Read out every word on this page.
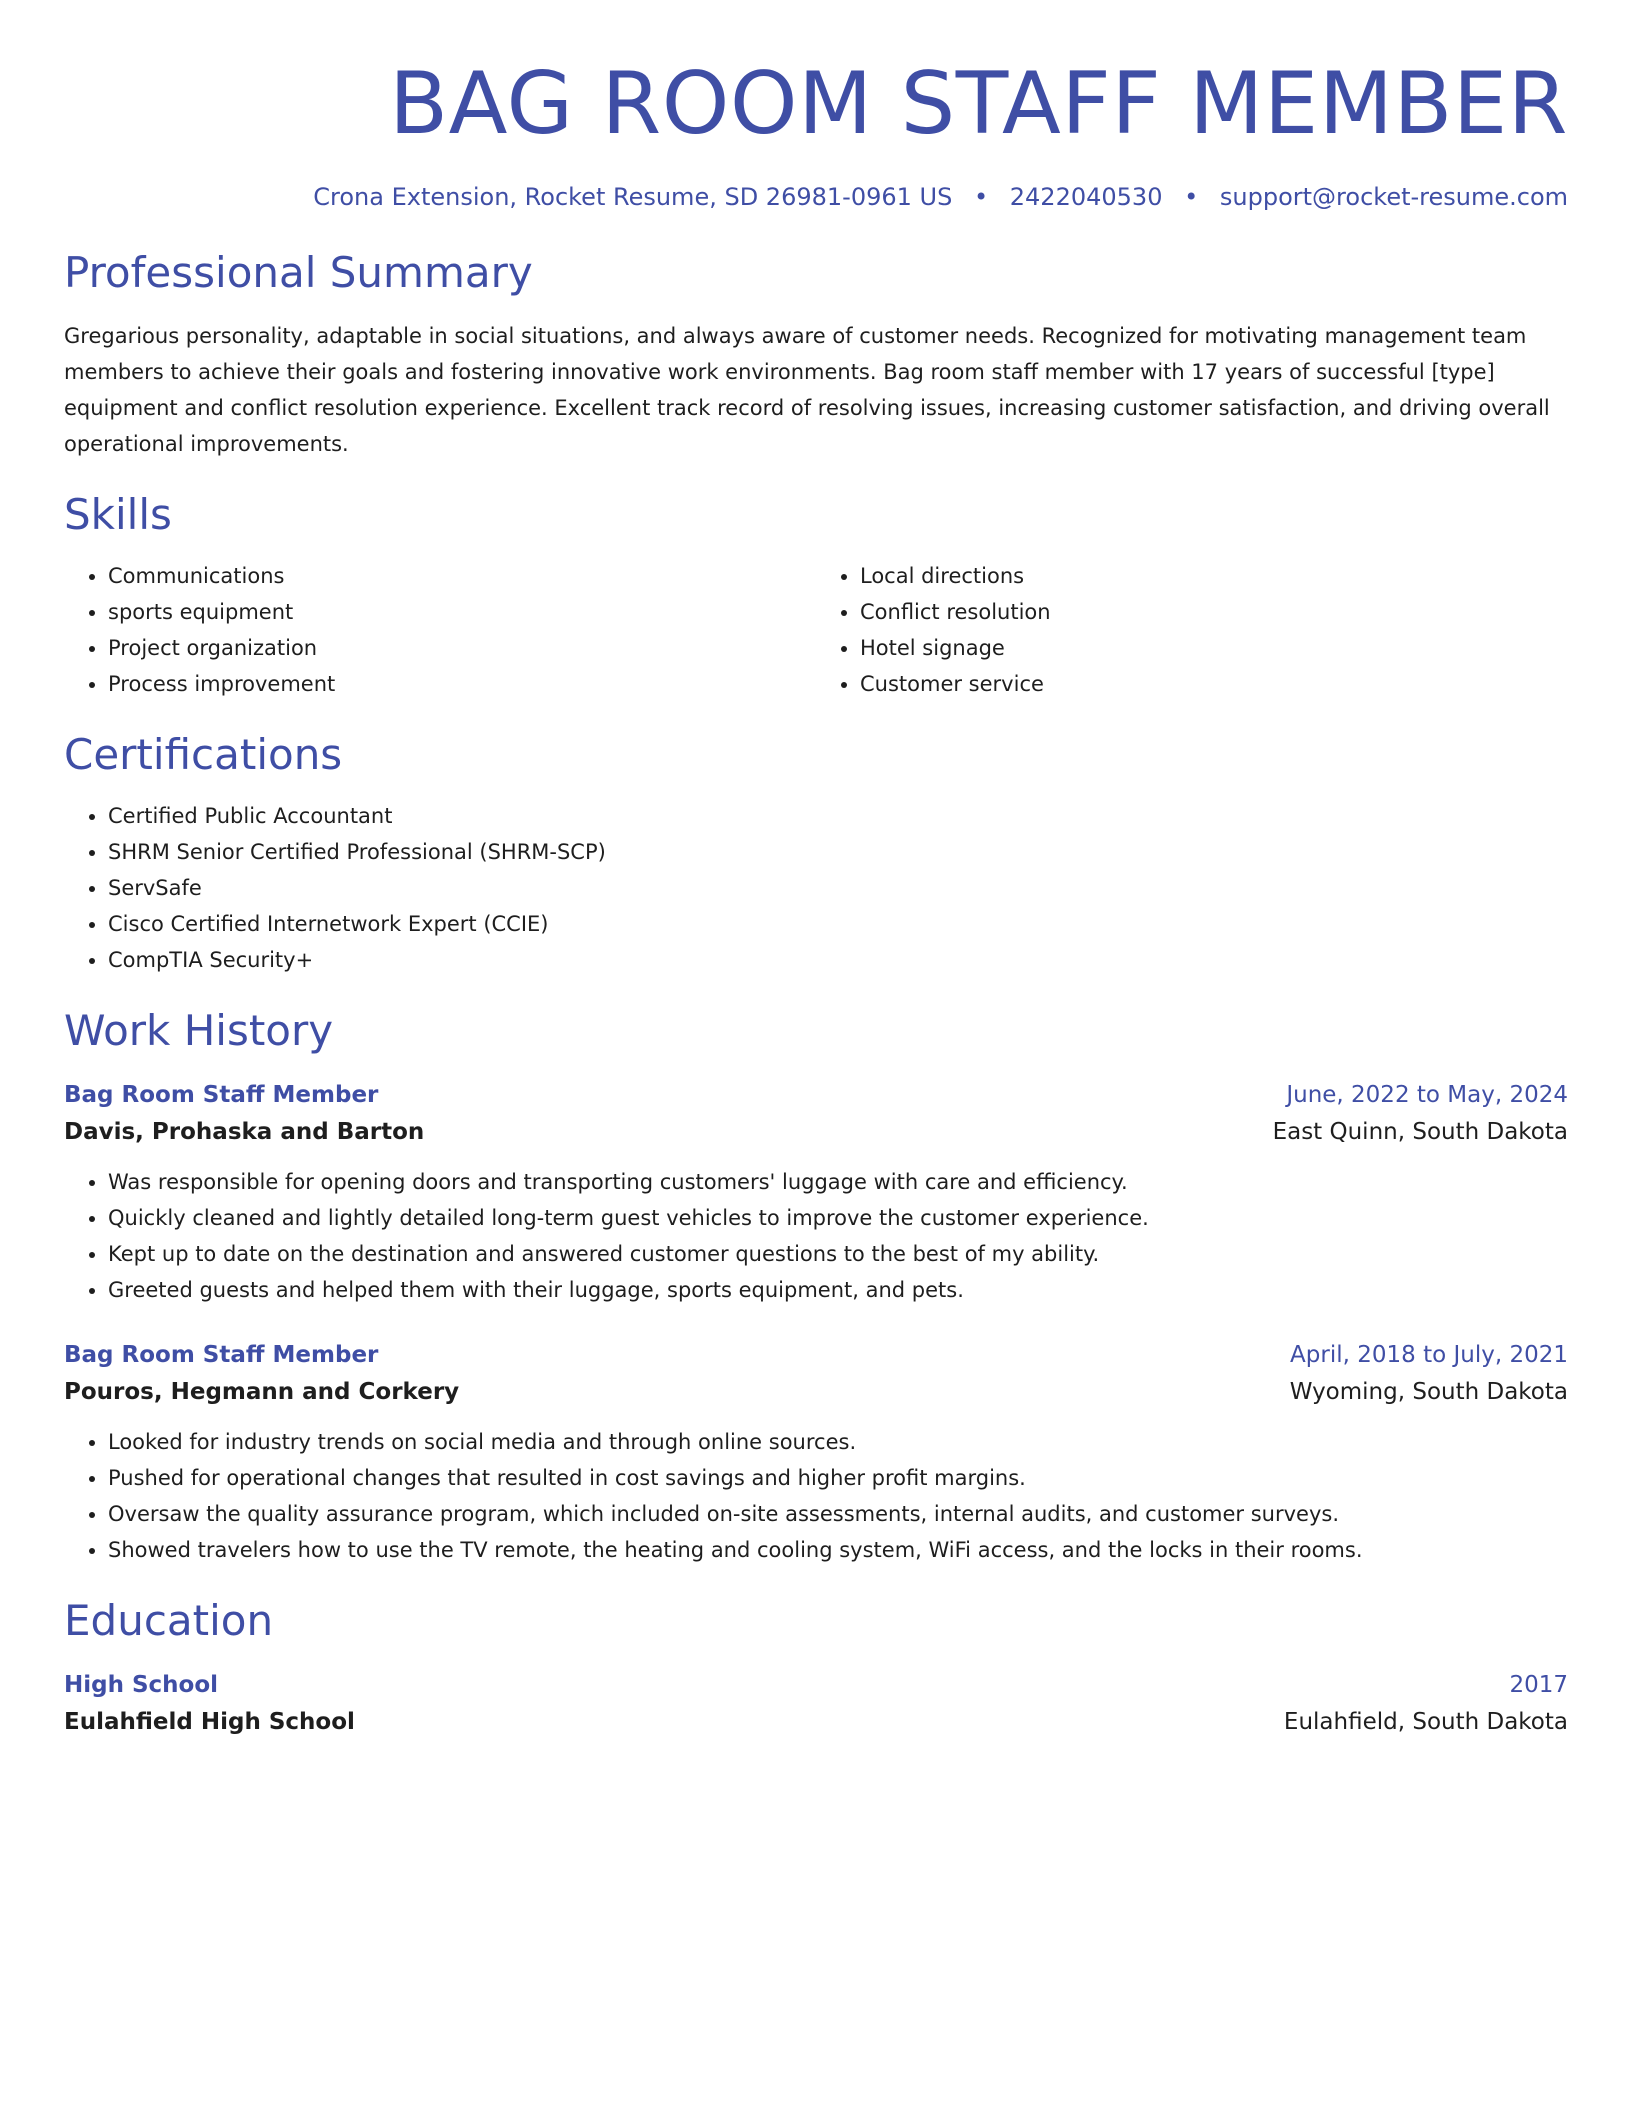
BAG ROOM STAFF MEMBER
Crona Extension, Rocket Resume, SD 26981-0961 US • 2422040530 • support@rocket-resume.com
Professional Summary

Gregarious personality, adaptable in social situations, and always aware of customer needs. Recognized for motivating management team members to achieve their goals and fostering innovative work environments. Bag room staff member with 17 years of successful [type] equipment and conflict resolution experience. Excellent track record of resolving issues, increasing customer satisfaction, and driving overall operational improvements.

Skills
• Communications
• sports equipment
• Project organization
• Process improvement
• Local directions
• Conflict resolution
• Hotel signage
• Customer service
Certifications
• Certified Public Accountant
• SHRM Senior Certified Professional (SHRM-SCP)
• ServSafe
• Cisco Certified Internetwork Expert (CCIE)
• CompTIA Security+
Work History
Bag Room Staff Member	June, 2022 to May, 2024
Davis, Prohaska and Barton	East Quinn, South Dakota
• Was responsible for opening doors and transporting customers' luggage with care and efficiency.
• Quickly cleaned and lightly detailed long-term guest vehicles to improve the customer experience.
• Kept up to date on the destination and answered customer questions to the best of my ability.
• Greeted guests and helped them with their luggage, sports equipment, and pets.
Bag Room Staff Member	April, 2018 to July, 2021
Pouros, Hegmann and Corkery	Wyoming, South Dakota
• Looked for industry trends on social media and through online sources.
• Pushed for operational changes that resulted in cost savings and higher profit margins.
• Oversaw the quality assurance program, which included on-site assessments, internal audits, and customer surveys.
• Showed travelers how to use the TV remote, the heating and cooling system, WiFi access, and the locks in their rooms.
Education
High School	2017
Eulahfield High School	Eulahfield, South Dakota
